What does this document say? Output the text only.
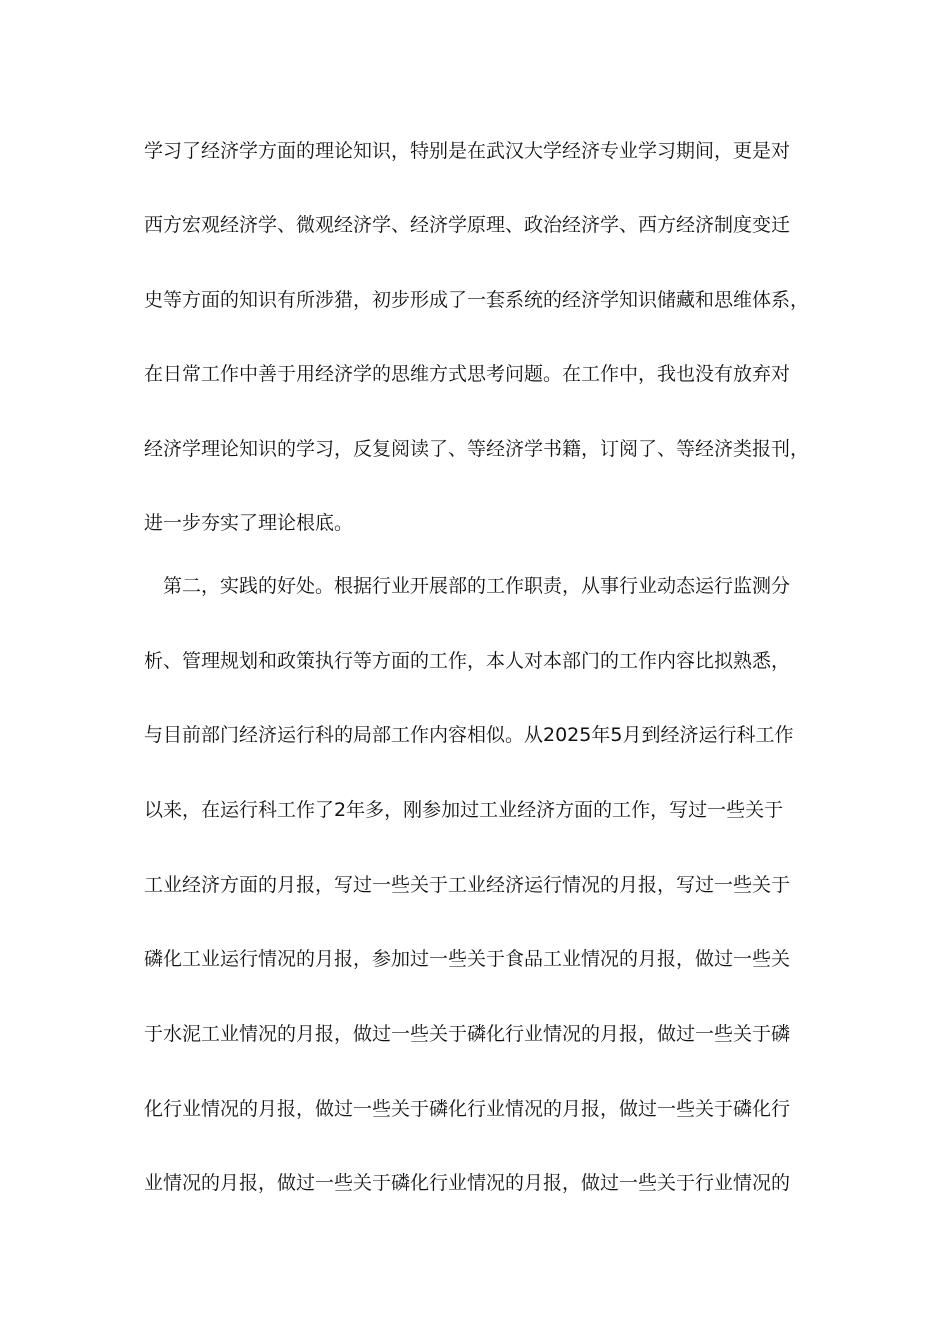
学习了经济学方面的理论知识，特别是在武汉大学经济专业学习期间，更是对
西方宏观经济学、微观经济学、经济学原理、政治经济学、西方经济制度变迁
史等方面的知识有所涉猎，初步形成了一套系统的经济学知识储藏和思维体系，
在日常工作中善于用经济学的思维方式思考问题。在工作中，我也没有放弃对
经济学理论知识的学习，反复阅读了、等经济学书籍，订阅了、等经济类报刊，
进一步夯实了理论根底。
第二，实践的好处。根据行业开展部的工作职责，从事行业动态运行监测分
析、管理规划和政策执行等方面的工作，本人对本部门的工作内容比拟熟悉，
与目前部门经济运行科的局部工作内容相似。从2025年5月到经济运行科工作
以来，在运行科工作了2年多，刚参加过工业经济方面的工作，写过一些关于
工业经济方面的月报，写过一些关于工业经济运行情况的月报，写过一些关于
磷化工业运行情况的月报，参加过一些关于食品工业情况的月报，做过一些关
于水泥工业情况的月报，做过一些关于磷化行业情况的月报，做过一些关于磷
化行业情况的月报，做过一些关于磷化行业情况的月报，做过一些关于磷化行
业情况的月报，做过一些关于磷化行业情况的月报，做过一些关于行业情况的
